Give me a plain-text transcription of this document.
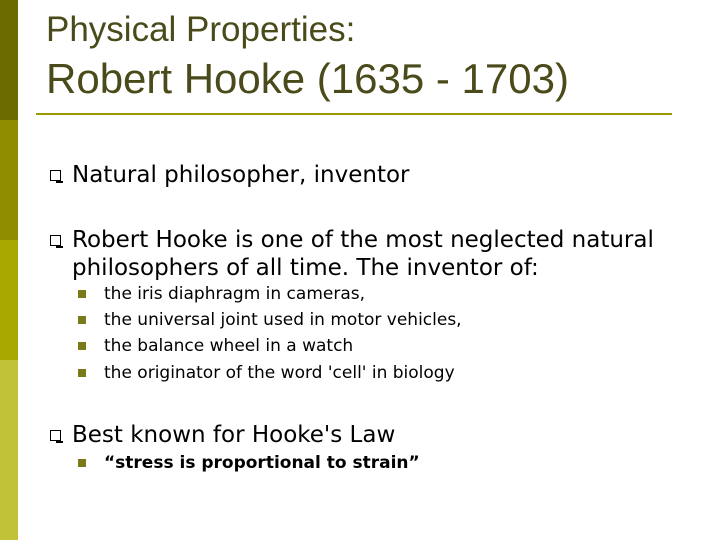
Physical Properties:
Robert Hooke (1635 - 1703)
Natural philosopher, inventor
Robert Hooke is one of the most neglected natural philosophers of all time. The inventor of:
the iris diaphragm in cameras,
the universal joint used in motor vehicles,
the balance wheel in a watch
the originator of the word 'cell' in biology
Best known for Hooke's Law
“stress is proportional to strain”
